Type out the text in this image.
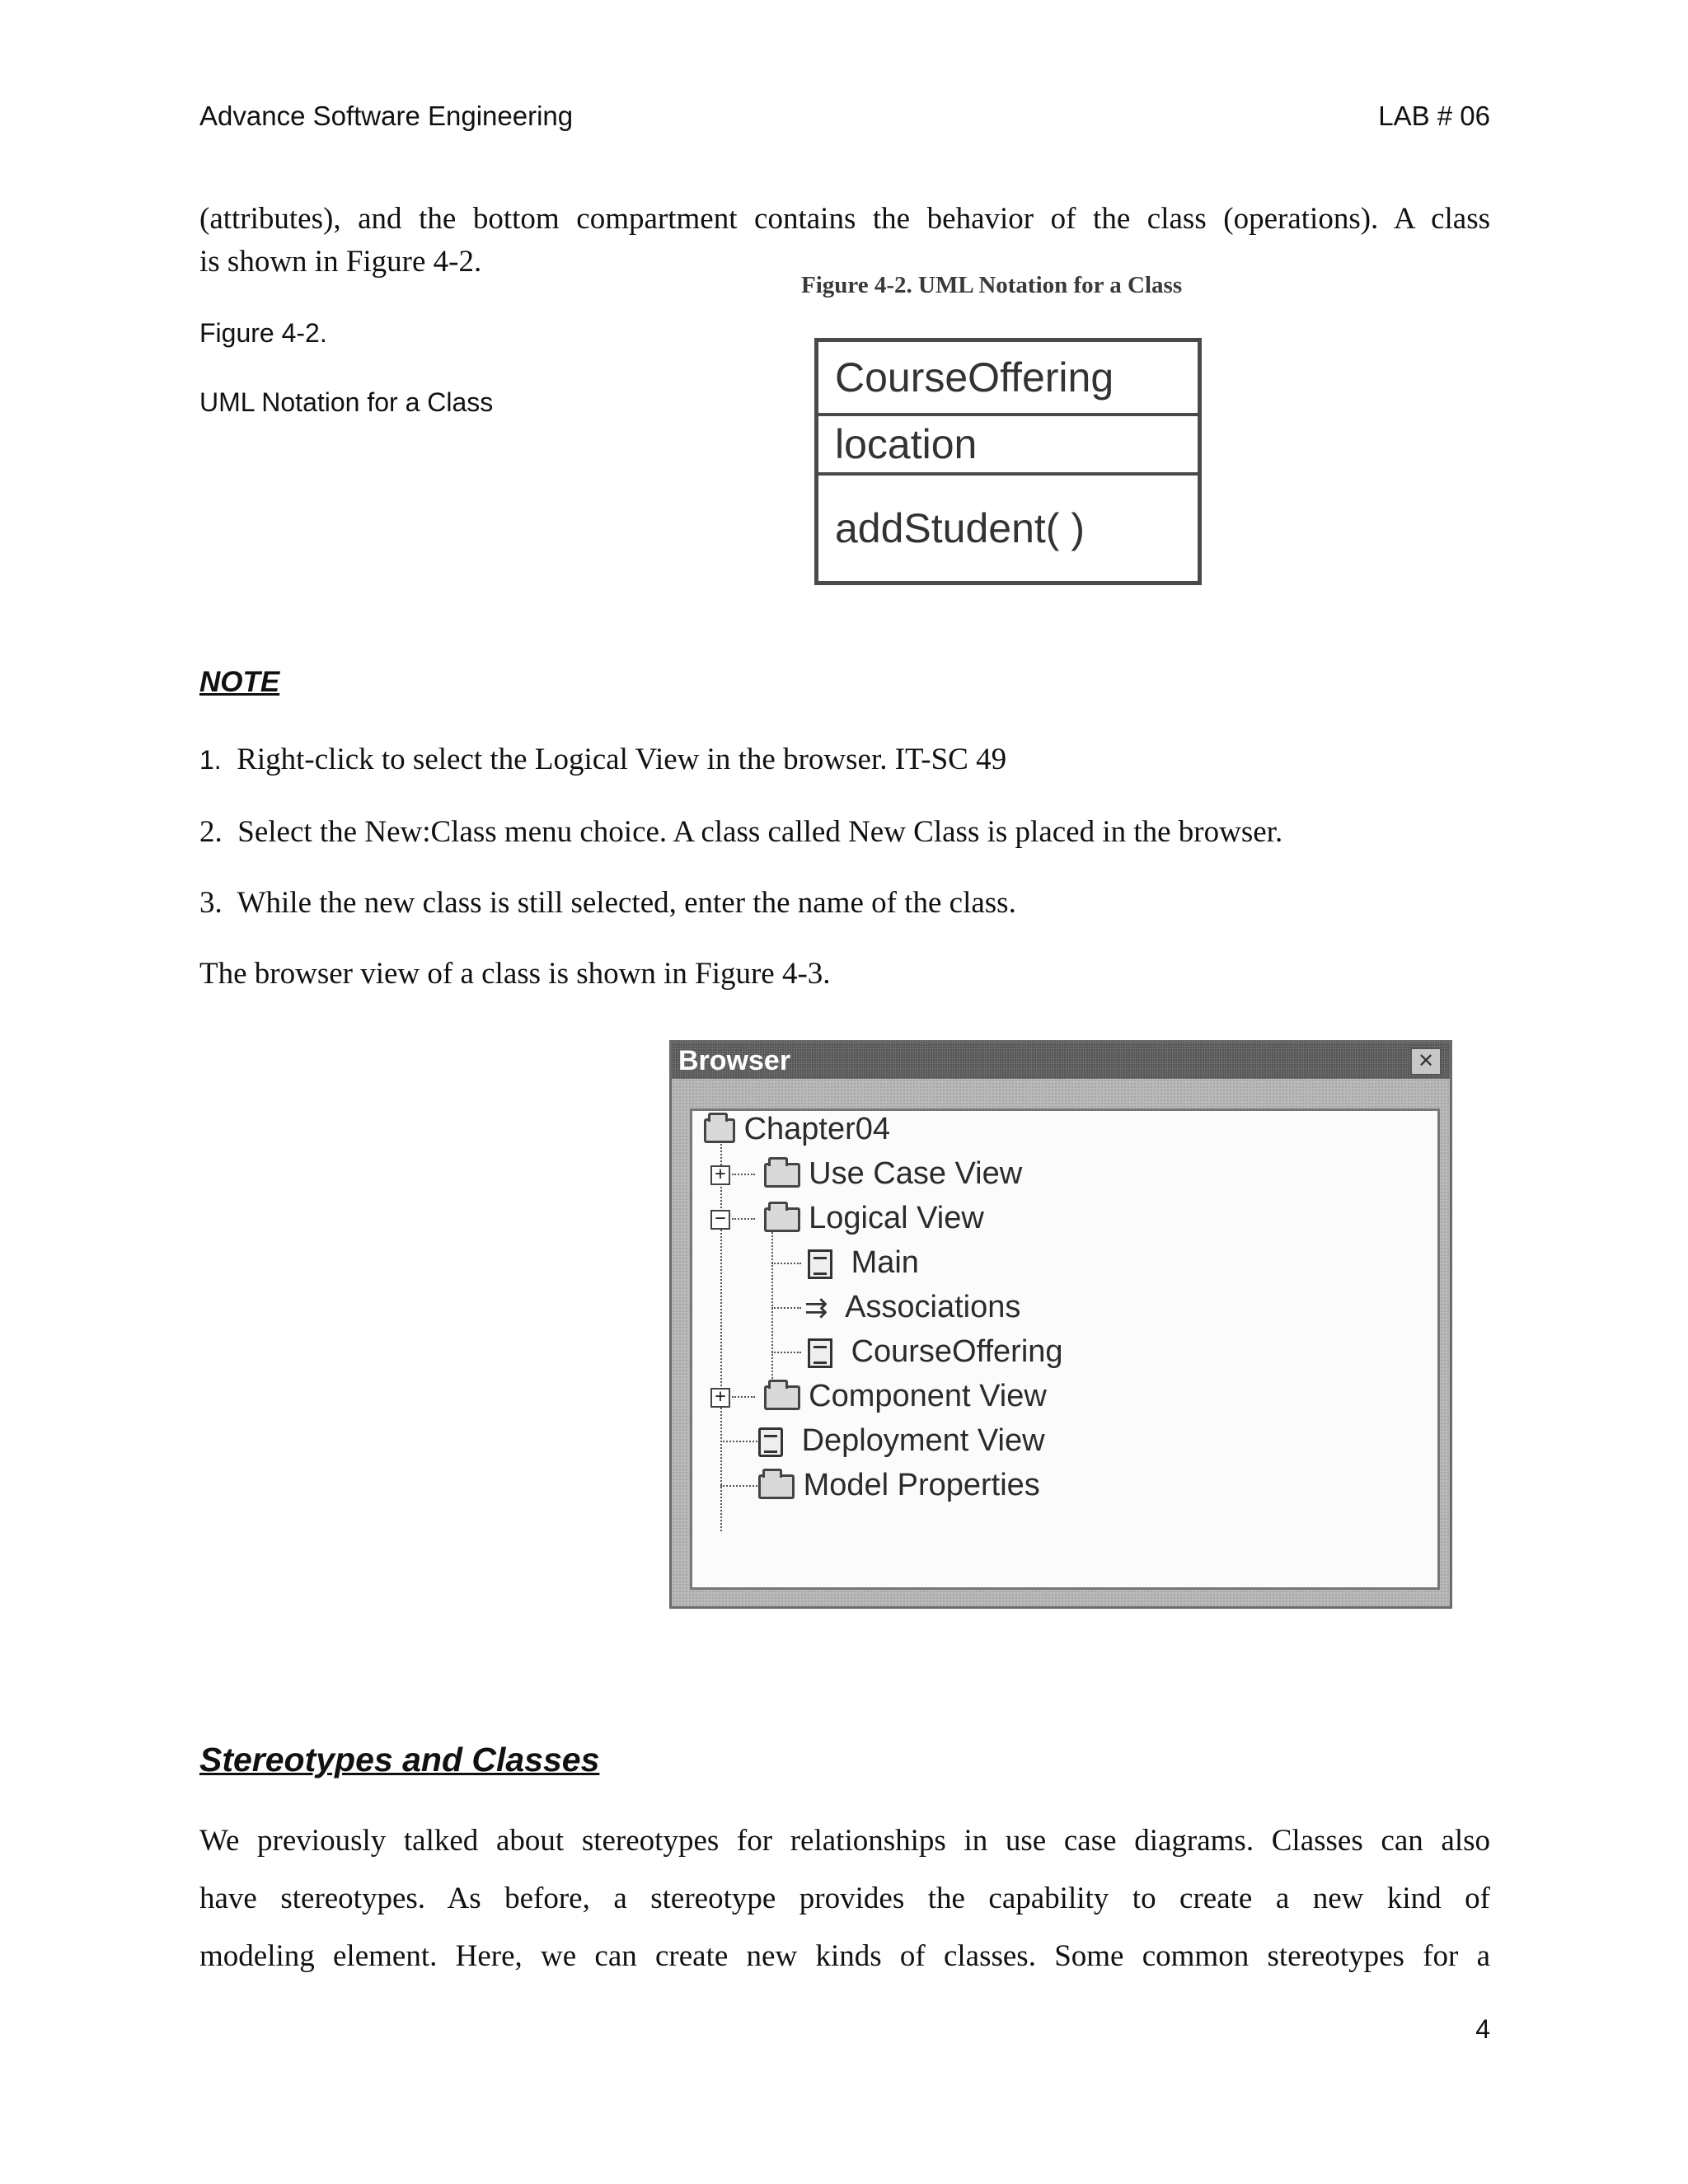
Advance Software Engineering	LAB # 06
(attributes), and the bottom compartment contains the behavior of the class (operations). A class
is shown in Figure 4-2.
Figure 4-2.
UML Notation for a Class
Figure 4-2. UML Notation for a Class
CourseOffering
location
addStudent( )
NOTE
1. Right-click to select the Logical View in the browser. IT-SC 49
2. Select the New:Class menu choice. A class called New Class is placed in the browser.
3. While the new class is still selected, enter the name of the class.
The browser view of a class is shown in Figure 4-3.
Browser	✕
Chapter04
+	Use Case View
−	Logical View
Main
⇉ Associations
CourseOffering
+	Component View
Deployment View
Model Properties
Stereotypes and Classes
We previously talked about stereotypes for relationships in use case diagrams. Classes can also
have stereotypes. As before, a stereotype provides the capability to create a new kind of
modeling element. Here, we can create new kinds of classes. Some common stereotypes for a
4
